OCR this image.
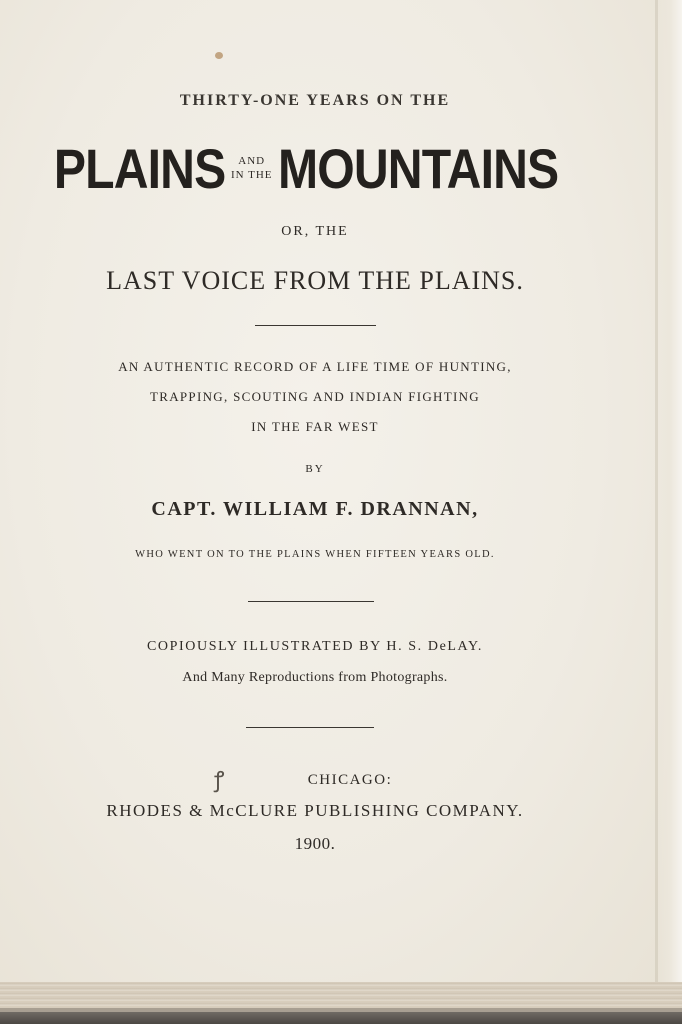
THIRTY-ONE YEARS ON THE
PLAINS AND
IN THE MOUNTAINS
OR, THE
LAST VOICE FROM THE PLAINS.
AN AUTHENTIC RECORD OF A LIFE TIME OF HUNTING,
TRAPPING, SCOUTING AND INDIAN FIGHTING
IN THE FAR WEST
BY
CAPT. WILLIAM F. DRANNAN,
WHO WENT ON TO THE PLAINS WHEN FIFTEEN YEARS OLD.
COPIOUSLY ILLUSTRATED BY H. S. DeLAY.
And Many Reproductions from Photographs.
ꝭ	CHICAGO:
RHODES & McCLURE PUBLISHING COMPANY.
1900.
